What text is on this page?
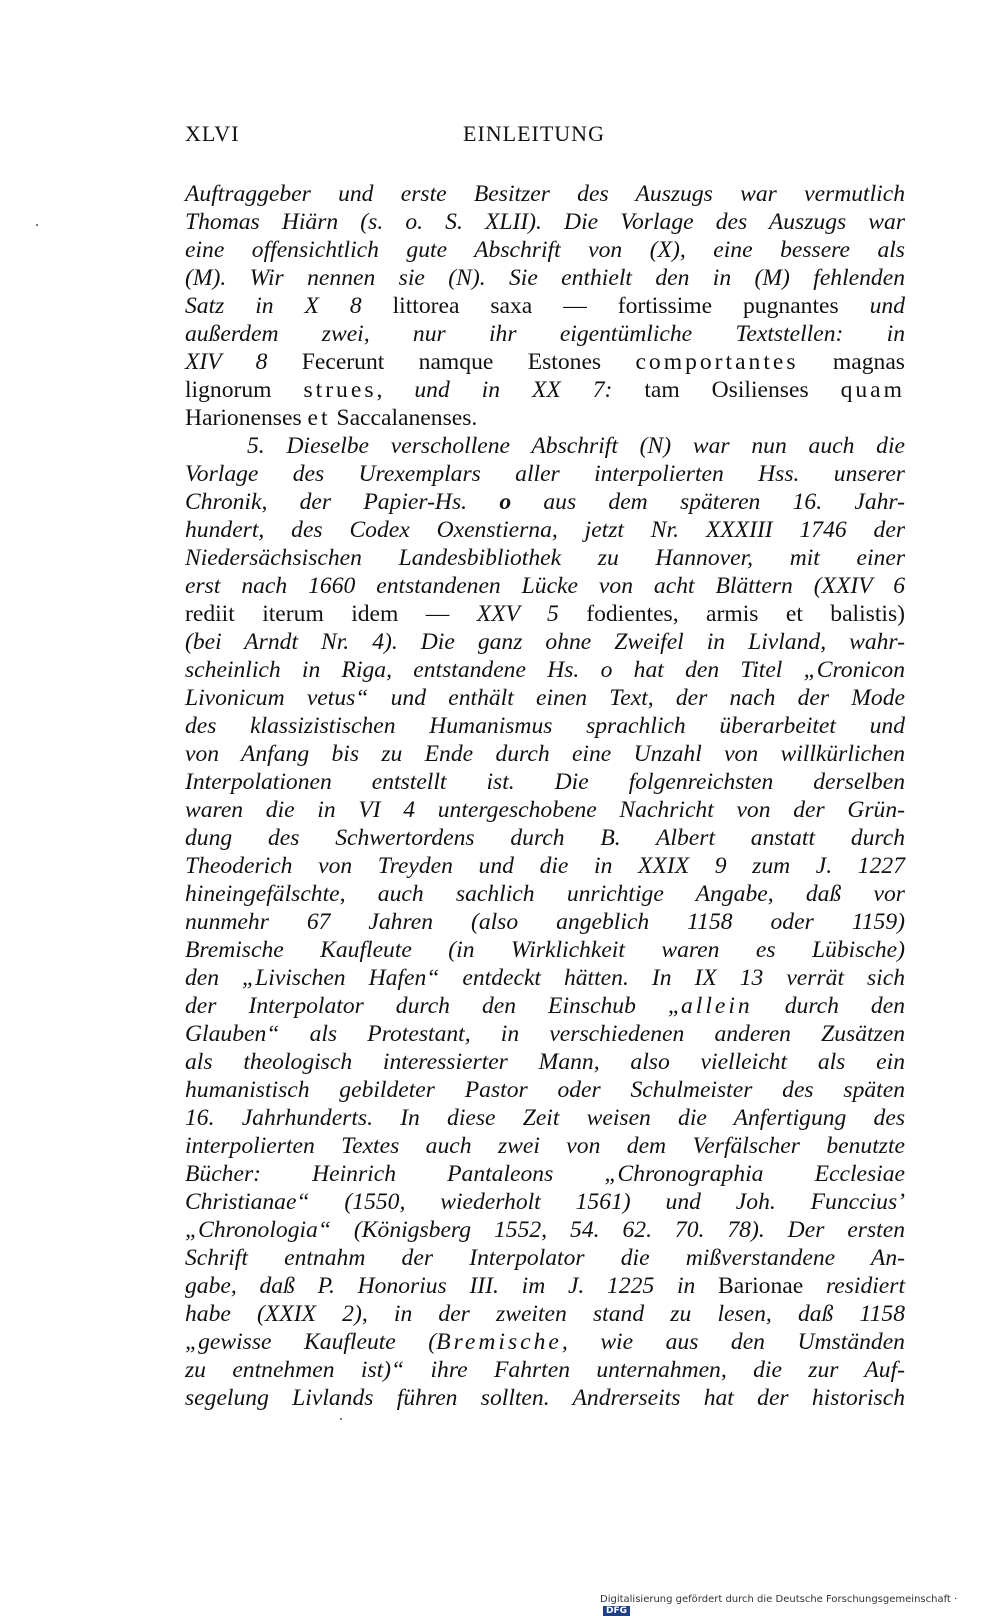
XLVI	EINLEITUNG
Auftraggeber und erste Besitzer des Auszugs war vermutlich
Thomas Hiärn (s. o. S. XLII). Die Vorlage des Auszugs war
eine offensichtlich gute Abschrift von (X), eine bessere als
(M). Wir nennen sie (N). Sie enthielt den in (M) fehlenden
Satz in X 8 littorea saxa — fortissime pugnantes und
außerdem zwei, nur ihr eigentümliche Textstellen: in
XIV 8 Fecerunt namque Estones comportantes magnas
lignorum strues, und in XX 7: tam Osilienses quam
Harionenses et Saccalanenses.
5. Dieselbe verschollene Abschrift (N) war nun auch die
Vorlage des Urexemplars aller interpolierten Hss. unserer
Chronik, der Papier-Hs. o aus dem späteren 16. Jahr-
hundert, des Codex Oxenstierna, jetzt Nr. XXXIII 1746 der
Niedersächsischen Landesbibliothek zu Hannover, mit einer
erst nach 1660 entstandenen Lücke von acht Blättern (XXIV 6
rediit iterum idem — XXV 5 fodientes, armis et balistis)
(bei Arndt Nr. 4). Die ganz ohne Zweifel in Livland, wahr-
scheinlich in Riga, entstandene Hs. o hat den Titel „Cronicon
Livonicum vetus“ und enthält einen Text, der nach der Mode
des klassizistischen Humanismus sprachlich überarbeitet und
von Anfang bis zu Ende durch eine Unzahl von willkürlichen
Interpolationen entstellt ist. Die folgenreichsten derselben
waren die in VI 4 untergeschobene Nachricht von der Grün-
dung des Schwertordens durch B. Albert anstatt durch
Theoderich von Treyden und die in XXIX 9 zum J. 1227
hineingefälschte, auch sachlich unrichtige Angabe, daß vor
nunmehr 67 Jahren (also angeblich 1158 oder 1159)
Bremische Kaufleute (in Wirklichkeit waren es Lübische)
den „Livischen Hafen“ entdeckt hätten. In IX 13 verrät sich
der Interpolator durch den Einschub „allein durch den
Glauben“ als Protestant, in verschiedenen anderen Zusätzen
als theologisch interessierter Mann, also vielleicht als ein
humanistisch gebildeter Pastor oder Schulmeister des späten
16. Jahrhunderts. In diese Zeit weisen die Anfertigung des
interpolierten Textes auch zwei von dem Verfälscher benutzte
Bücher: Heinrich Pantaleons „Chronographia Ecclesiae
Christianae“ (1550, wiederholt 1561) und Joh. Funccius’
„Chronologia“ (Königsberg 1552, 54. 62. 70. 78). Der ersten
Schrift entnahm der Interpolator die mißverstandene An-
gabe, daß P. Honorius III. im J. 1225 in Barionae residiert
habe (XXIX 2), in der zweiten stand zu lesen, daß 1158
„gewisse Kaufleute (Bremische, wie aus den Umständen
zu entnehmen ist)“ ihre Fahrten unternahmen, die zur Auf-
segelung Livlands führen sollten. Andrerseits hat der historisch
Digitalisierung gefördert durch die Deutsche Forschungsgemeinschaft · DFG
